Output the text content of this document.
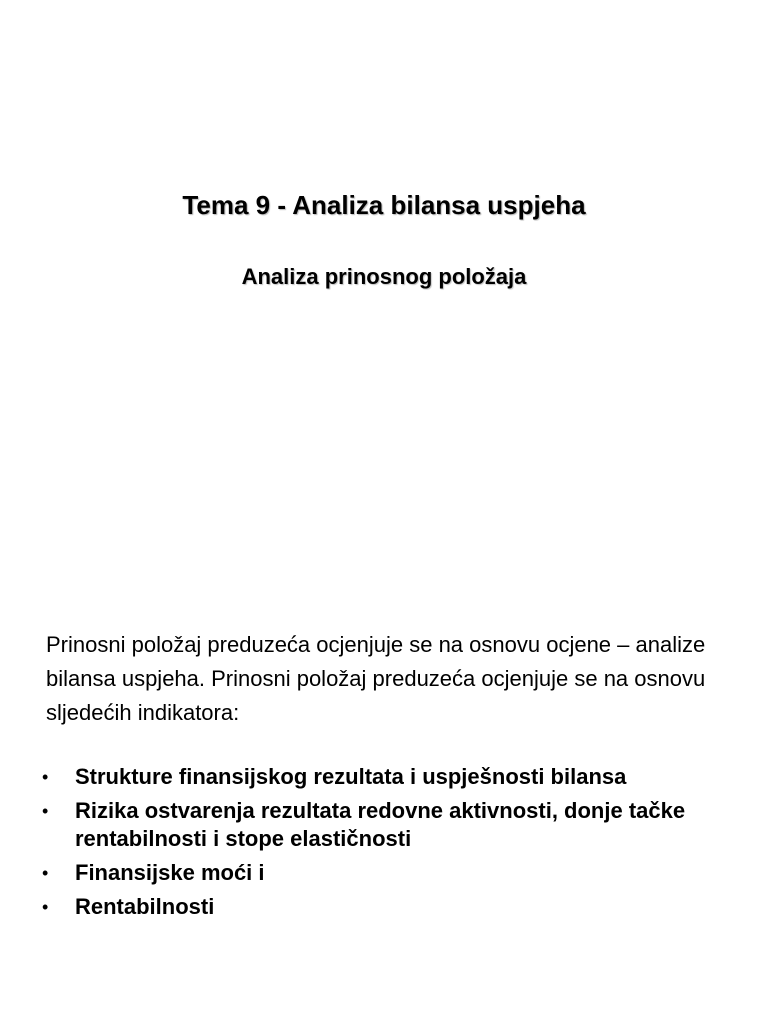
Tema 9 - Analiza bilansa uspjeha
Analiza prinosnog položaja

Prinosni položaj preduzeća ocjenjuje se na osnovu ocjene – analize bilansa uspjeha. Prinosni položaj preduzeća ocjenjuje se na osnovu sljedećih indikatora:

•	Strukture finansijskog rezultata i uspješnosti bilansa
•	Rizika ostvarenja rezultata redovne aktivnosti, donje tačke rentabilnosti i stope elastičnosti
•	Finansijske moći i
•	Rentabilnosti
